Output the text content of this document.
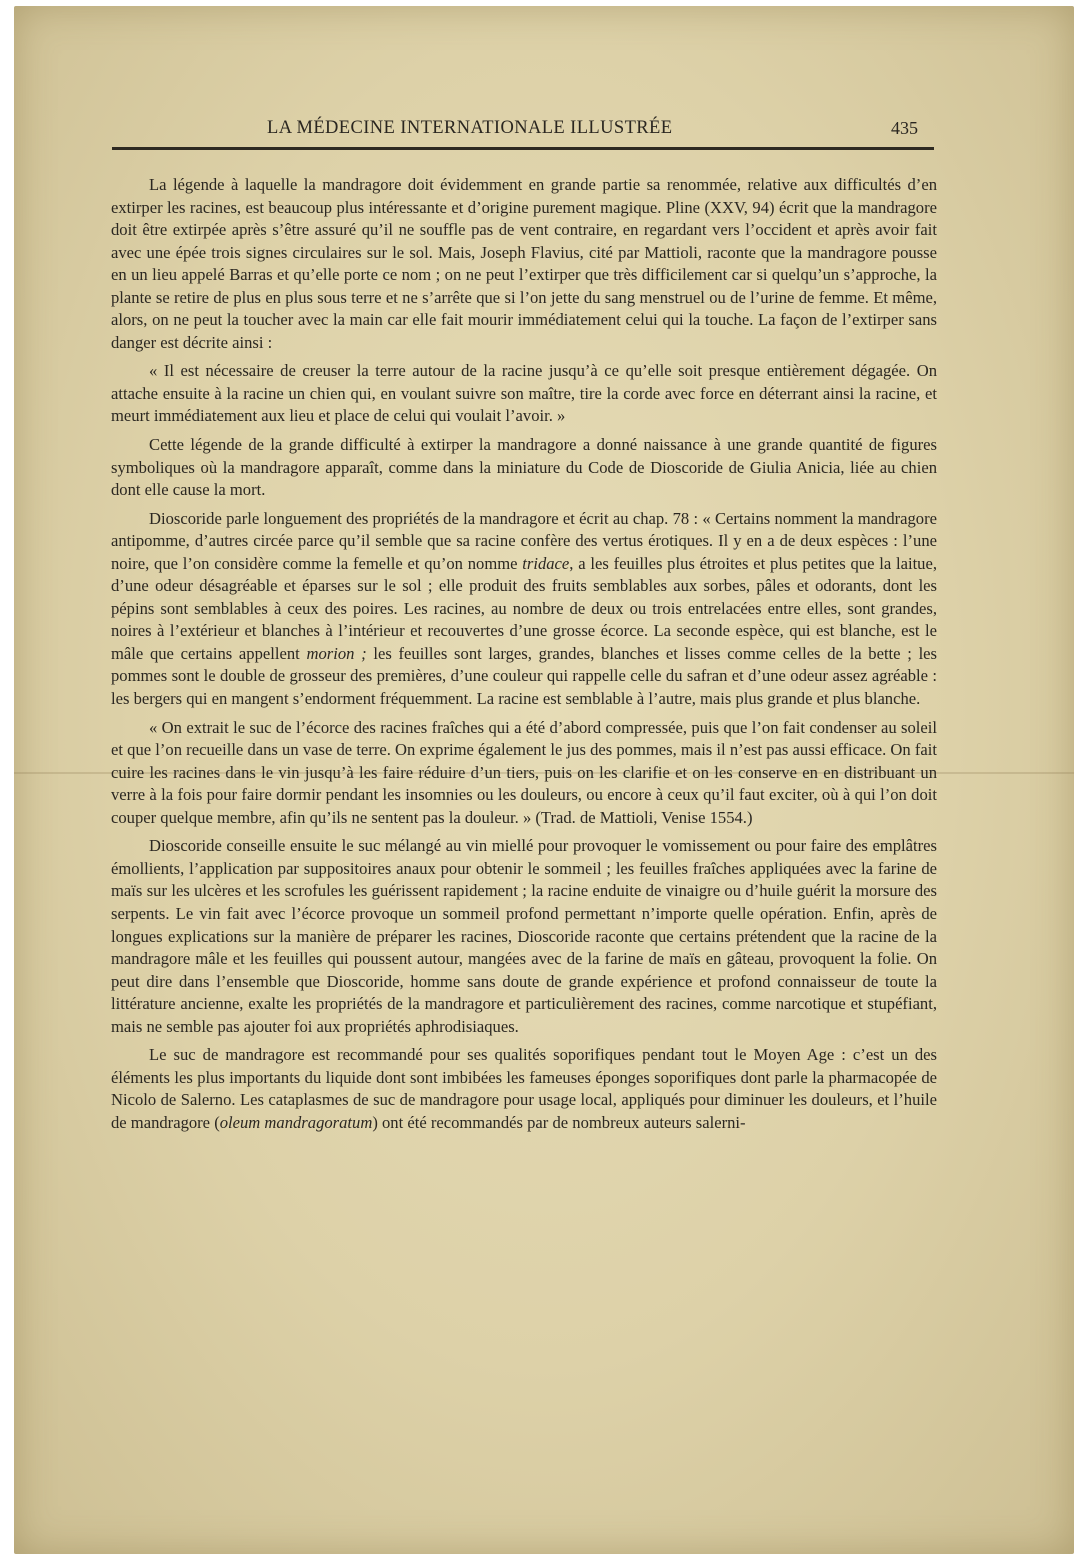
LA MÉDECINE INTERNATIONALE ILLUSTRÉE	435

La légende à laquelle la mandragore doit évidemment en grande partie sa renommée, relative aux difficultés d’en extirper les racines, est beaucoup plus intéressante et d’origine purement magique. Pline (XXV, 94) écrit que la mandragore doit être extirpée après s’être assuré qu’il ne souffle pas de vent contraire, en regardant vers l’occident et après avoir fait avec une épée trois signes circulaires sur le sol. Mais, Joseph Flavius, cité par Mattioli, raconte que la mandragore pousse en un lieu appelé Barras et qu’elle porte ce nom ; on ne peut l’extirper que très difficilement car si quelqu’un s’approche, la plante se retire de plus en plus sous terre et ne s’arrête que si l’on jette du sang menstruel ou de l’urine de femme. Et même, alors, on ne peut la toucher avec la main car elle fait mourir immédiatement celui qui la touche. La façon de l’extirper sans danger est décrite ainsi :

« Il est nécessaire de creuser la terre autour de la racine jusqu’à ce qu’elle soit presque entièrement dégagée. On attache ensuite à la racine un chien qui, en voulant suivre son maître, tire la corde avec force en déterrant ainsi la racine, et meurt immédiatement aux lieu et place de celui qui voulait l’avoir. »

Cette légende de la grande difficulté à extirper la mandragore a donné naissance à une grande quantité de figures symboliques où la mandragore apparaît, comme dans la miniature du Code de Dioscoride de Giulia Anicia, liée au chien dont elle cause la mort.

Dioscoride parle longuement des propriétés de la mandragore et écrit au chap. 78 : « Certains nomment la mandragore antipomme, d’autres circée parce qu’il semble que sa racine confère des vertus érotiques. Il y en a de deux espèces : l’une noire, que l’on considère comme la femelle et qu’on nomme tridace, a les feuilles plus étroites et plus petites que la laitue, d’une odeur désagréable et éparses sur le sol ; elle produit des fruits semblables aux sorbes, pâles et odorants, dont les pépins sont semblables à ceux des poires. Les racines, au nombre de deux ou trois entrelacées entre elles, sont grandes, noires à l’extérieur et blanches à l’intérieur et recouvertes d’une grosse écorce. La seconde espèce, qui est blanche, est le mâle que certains appellent morion ; les feuilles sont larges, grandes, blanches et lisses comme celles de la bette ; les pommes sont le double de grosseur des premières, d’une couleur qui rappelle celle du safran et d’une odeur assez agréable : les bergers qui en mangent s’endorment fréquemment. La racine est semblable à l’autre, mais plus grande et plus blanche.

« On extrait le suc de l’écorce des racines fraîches qui a été d’abord compressée, puis que l’on fait condenser au soleil et que l’on recueille dans un vase de terre. On exprime également le jus des pommes, mais il n’est pas aussi efficace. On fait cuire les racines dans le vin jusqu’à les faire réduire d’un tiers, puis on les clarifie et on les conserve en en distribuant un verre à la fois pour faire dormir pendant les insomnies ou les douleurs, ou encore à ceux qu’il faut exciter, où à qui l’on doit couper quelque membre, afin qu’ils ne sentent pas la douleur. » (Trad. de Mattioli, Venise 1554.)

Dioscoride conseille ensuite le suc mélangé au vin miellé pour provoquer le vomissement ou pour faire des emplâtres émollients, l’application par suppositoires anaux pour obtenir le sommeil ; les feuilles fraîches appliquées avec la farine de maïs sur les ulcères et les scrofules les guérissent rapidement ; la racine enduite de vinaigre ou d’huile guérit la morsure des serpents. Le vin fait avec l’écorce provoque un sommeil profond permettant n’importe quelle opération. Enfin, après de longues explications sur la manière de préparer les racines, Dioscoride raconte que certains prétendent que la racine de la mandragore mâle et les feuilles qui poussent autour, mangées avec de la farine de maïs en gâteau, provoquent la folie. On peut dire dans l’ensemble que Dioscoride, homme sans doute de grande expérience et profond connaisseur de toute la littérature ancienne, exalte les propriétés de la mandragore et particulièrement des racines, comme narcotique et stupéfiant, mais ne semble pas ajouter foi aux propriétés aphrodisiaques.

Le suc de mandragore est recommandé pour ses qualités soporifiques pendant tout le Moyen Age : c’est un des éléments les plus importants du liquide dont sont imbibées les fameuses éponges soporifiques dont parle la pharmacopée de Nicolo de Salerno. Les cataplasmes de suc de mandragore pour usage local, appliqués pour diminuer les douleurs, et l’huile de mandragore (oleum mandragoratum) ont été recommandés par de nombreux auteurs salerni-
